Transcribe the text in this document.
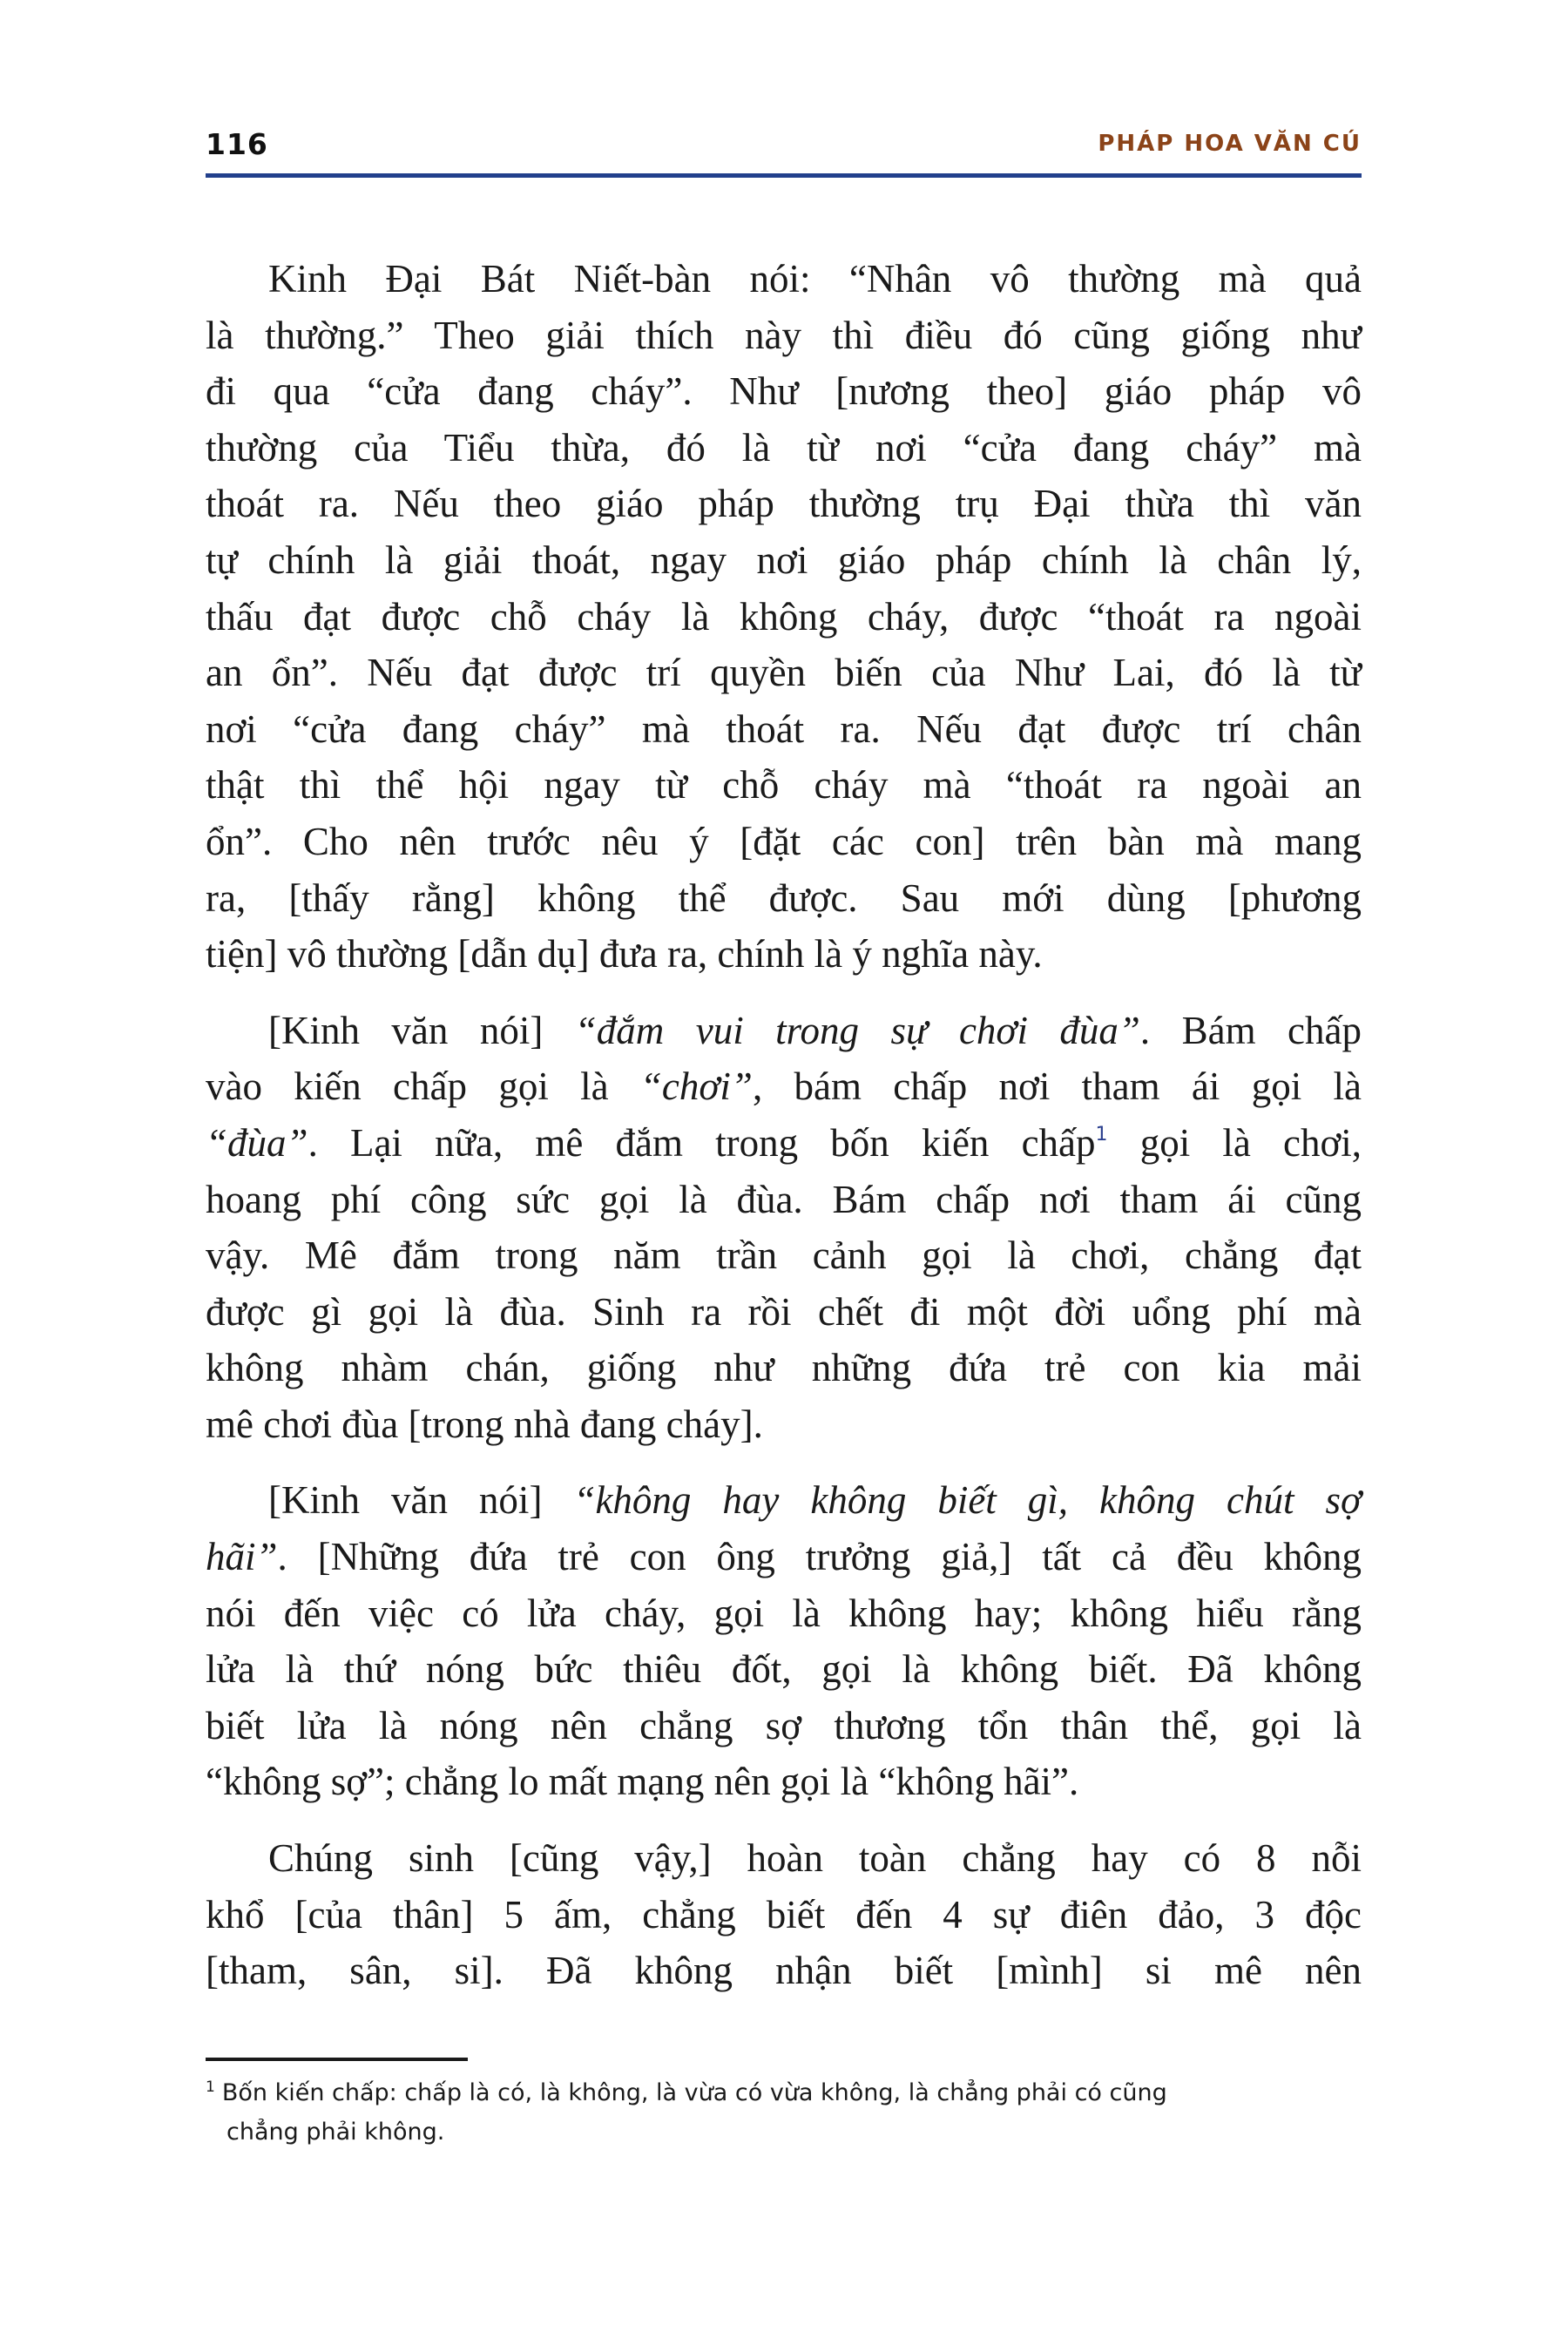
116	PHÁP HOA VĂN CÚ
Kinh Đại Bát Niết-bàn nói: “Nhân vô thường mà quả
là thường.” Theo giải thích này thì điều đó cũng giống như
đi qua “cửa đang cháy”. Như [nương theo] giáo pháp vô
thường của Tiểu thừa, đó là từ nơi “cửa đang cháy” mà
thoát ra. Nếu theo giáo pháp thường trụ Đại thừa thì văn
tự chính là giải thoát, ngay nơi giáo pháp chính là chân lý,
thấu đạt được chỗ cháy là không cháy, được “thoát ra ngoài
an ổn”. Nếu đạt được trí quyền biến của Như Lai, đó là từ
nơi “cửa đang cháy” mà thoát ra. Nếu đạt được trí chân
thật thì thể hội ngay từ chỗ cháy mà “thoát ra ngoài an
ổn”. Cho nên trước nêu ý [đặt các con] trên bàn mà mang
ra, [thấy rằng] không thể được. Sau mới dùng [phương
tiện] vô thường [dẫn dụ] đưa ra, chính là ý nghĩa này.
[Kinh văn nói] “đắm vui trong sự chơi đùa”. Bám chấp
vào kiến chấp gọi là “chơi”, bám chấp nơi tham ái gọi là
“đùa”. Lại nữa, mê đắm trong bốn kiến chấp$^1$ gọi là chơi,
hoang phí công sức gọi là đùa. Bám chấp nơi tham ái cũng
vậy. Mê đắm trong năm trần cảnh gọi là chơi, chẳng đạt
được gì gọi là đùa. Sinh ra rồi chết đi một đời uổng phí mà
không nhàm chán, giống như những đứa trẻ con kia mải
mê chơi đùa [trong nhà đang cháy].
[Kinh văn nói] “không hay không biết gì, không chút sợ
hãi”. [Những đứa trẻ con ông trưởng giả,] tất cả đều không
nói đến việc có lửa cháy, gọi là không hay; không hiểu rằng
lửa là thứ nóng bức thiêu đốt, gọi là không biết. Đã không
biết lửa là nóng nên chẳng sợ thương tổn thân thể, gọi là
“không sợ”; chẳng lo mất mạng nên gọi là “không hãi”.
Chúng sinh [cũng vậy,] hoàn toàn chẳng hay có 8 nỗi
khổ [của thân] 5 ấm, chẳng biết đến 4 sự điên đảo, 3 độc
[tham, sân, si]. Đã không nhận biết [mình] si mê nên
$^1$ Bốn kiến chấp: chấp là có, là không, là vừa có vừa không, là chẳng phải có cũng
chẳng phải không.
